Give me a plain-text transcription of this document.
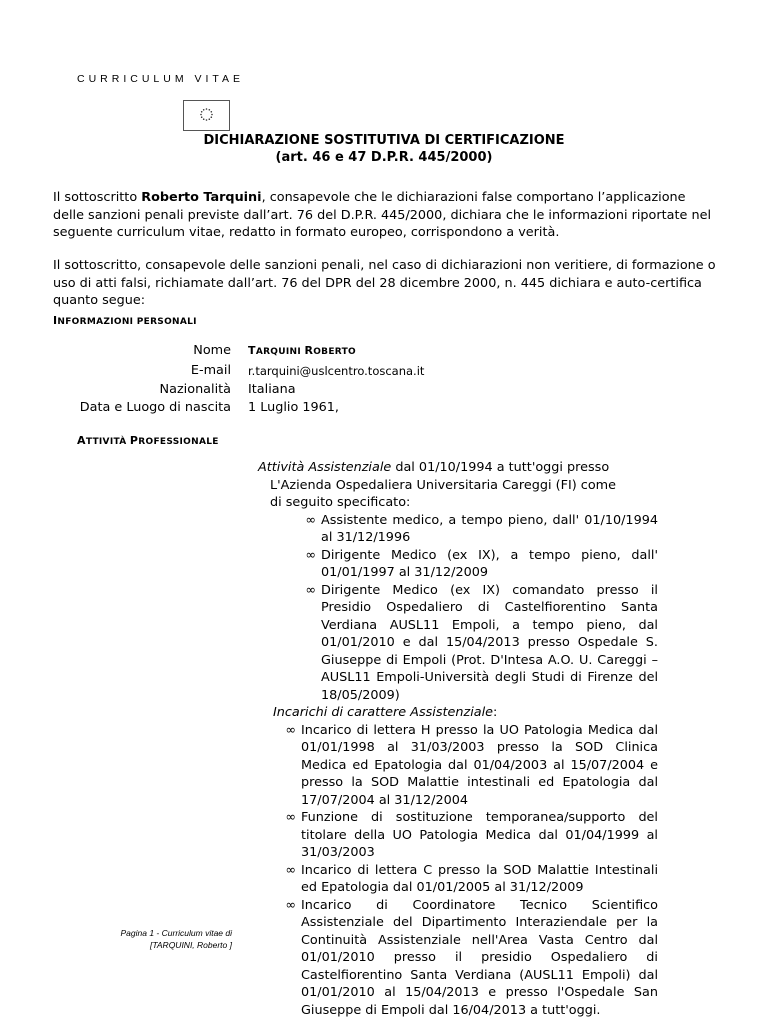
CURRICULUM VITAE
DICHIARAZIONE SOSTITUTIVA DI CERTIFICAZIONE
(art. 46 e 47 D.P.R. 445/2000)
Il sottoscritto Roberto Tarquini, consapevole che le dichiarazioni false comportano l’applicazione delle sanzioni penali previste dall’art. 76 del D.P.R. 445/2000, dichiara che le informazioni riportate nel seguente curriculum vitae, redatto in formato europeo, corrispondono a verità.
Il sottoscritto, consapevole delle sanzioni penali, nel caso di dichiarazioni non veritiere, di formazione o uso di atti falsi, richiamate dall’art. 76 del DPR del 28 dicembre 2000, n. 445 dichiara e auto-certifica quanto segue:
INFORMAZIONI PERSONALI
Nome TARQUINI ROBERTO
E-mail r.tarquini@uslcentro.toscana.it
Nazionalità Italiana
Data e Luogo di nascita 1 Luglio 1961,
ATTIVITÀ PROFESSIONALE
Attività Assistenziale dal 01/10/1994 a tutt'oggi presso
L'Azienda Ospedaliera Universitaria Careggi (FI) come di seguito specificato:
∞ Assistente medico, a tempo pieno, dall' 01/10/1994 al 31/12/1996
∞ Dirigente Medico (ex IX), a tempo pieno, dall' 01/01/1997 al 31/12/2009
∞ Dirigente Medico (ex IX) comandato presso il Presidio Ospedaliero di Castelfiorentino Santa Verdiana AUSL11 Empoli, a tempo pieno, dal 01/01/2010 e dal 15/04/2013 presso Ospedale S. Giuseppe di Empoli (Prot. D'Intesa A.O. U. Careggi – AUSL11 Empoli-Università degli Studi di Firenze del 18/05/2009)
Incarichi di carattere Assistenziale:
∞ Incarico di lettera H presso la UO Patologia Medica dal 01/01/1998 al 31/03/2003 presso la SOD Clinica Medica ed Epatologia dal 01/04/2003 al 15/07/2004 e presso la SOD Malattie intestinali ed Epatologia dal 17/07/2004 al 31/12/2004
∞ Funzione di sostituzione temporanea/supporto del titolare della UO Patologia Medica dal 01/04/1999 al 31/03/2003
∞ Incarico di lettera C presso la SOD Malattie Intestinali ed Epatologia dal 01/01/2005 al 31/12/2009
∞ Incarico di Coordinatore Tecnico Scientifico Assistenziale del Dipartimento Interaziendale per la Continuità Assistenziale nell'Area Vasta Centro dal 01/01/2010 presso il presidio Ospedaliero di Castelfiorentino Santa Verdiana (AUSL11 Empoli) dal 01/01/2010 al 15/04/2013 e presso l'Ospedale San Giuseppe di Empoli dal 16/04/2013 a tutt'oggi.
Pagina 1 - Curriculum vitae di
[TARQUINI, Roberto ]
